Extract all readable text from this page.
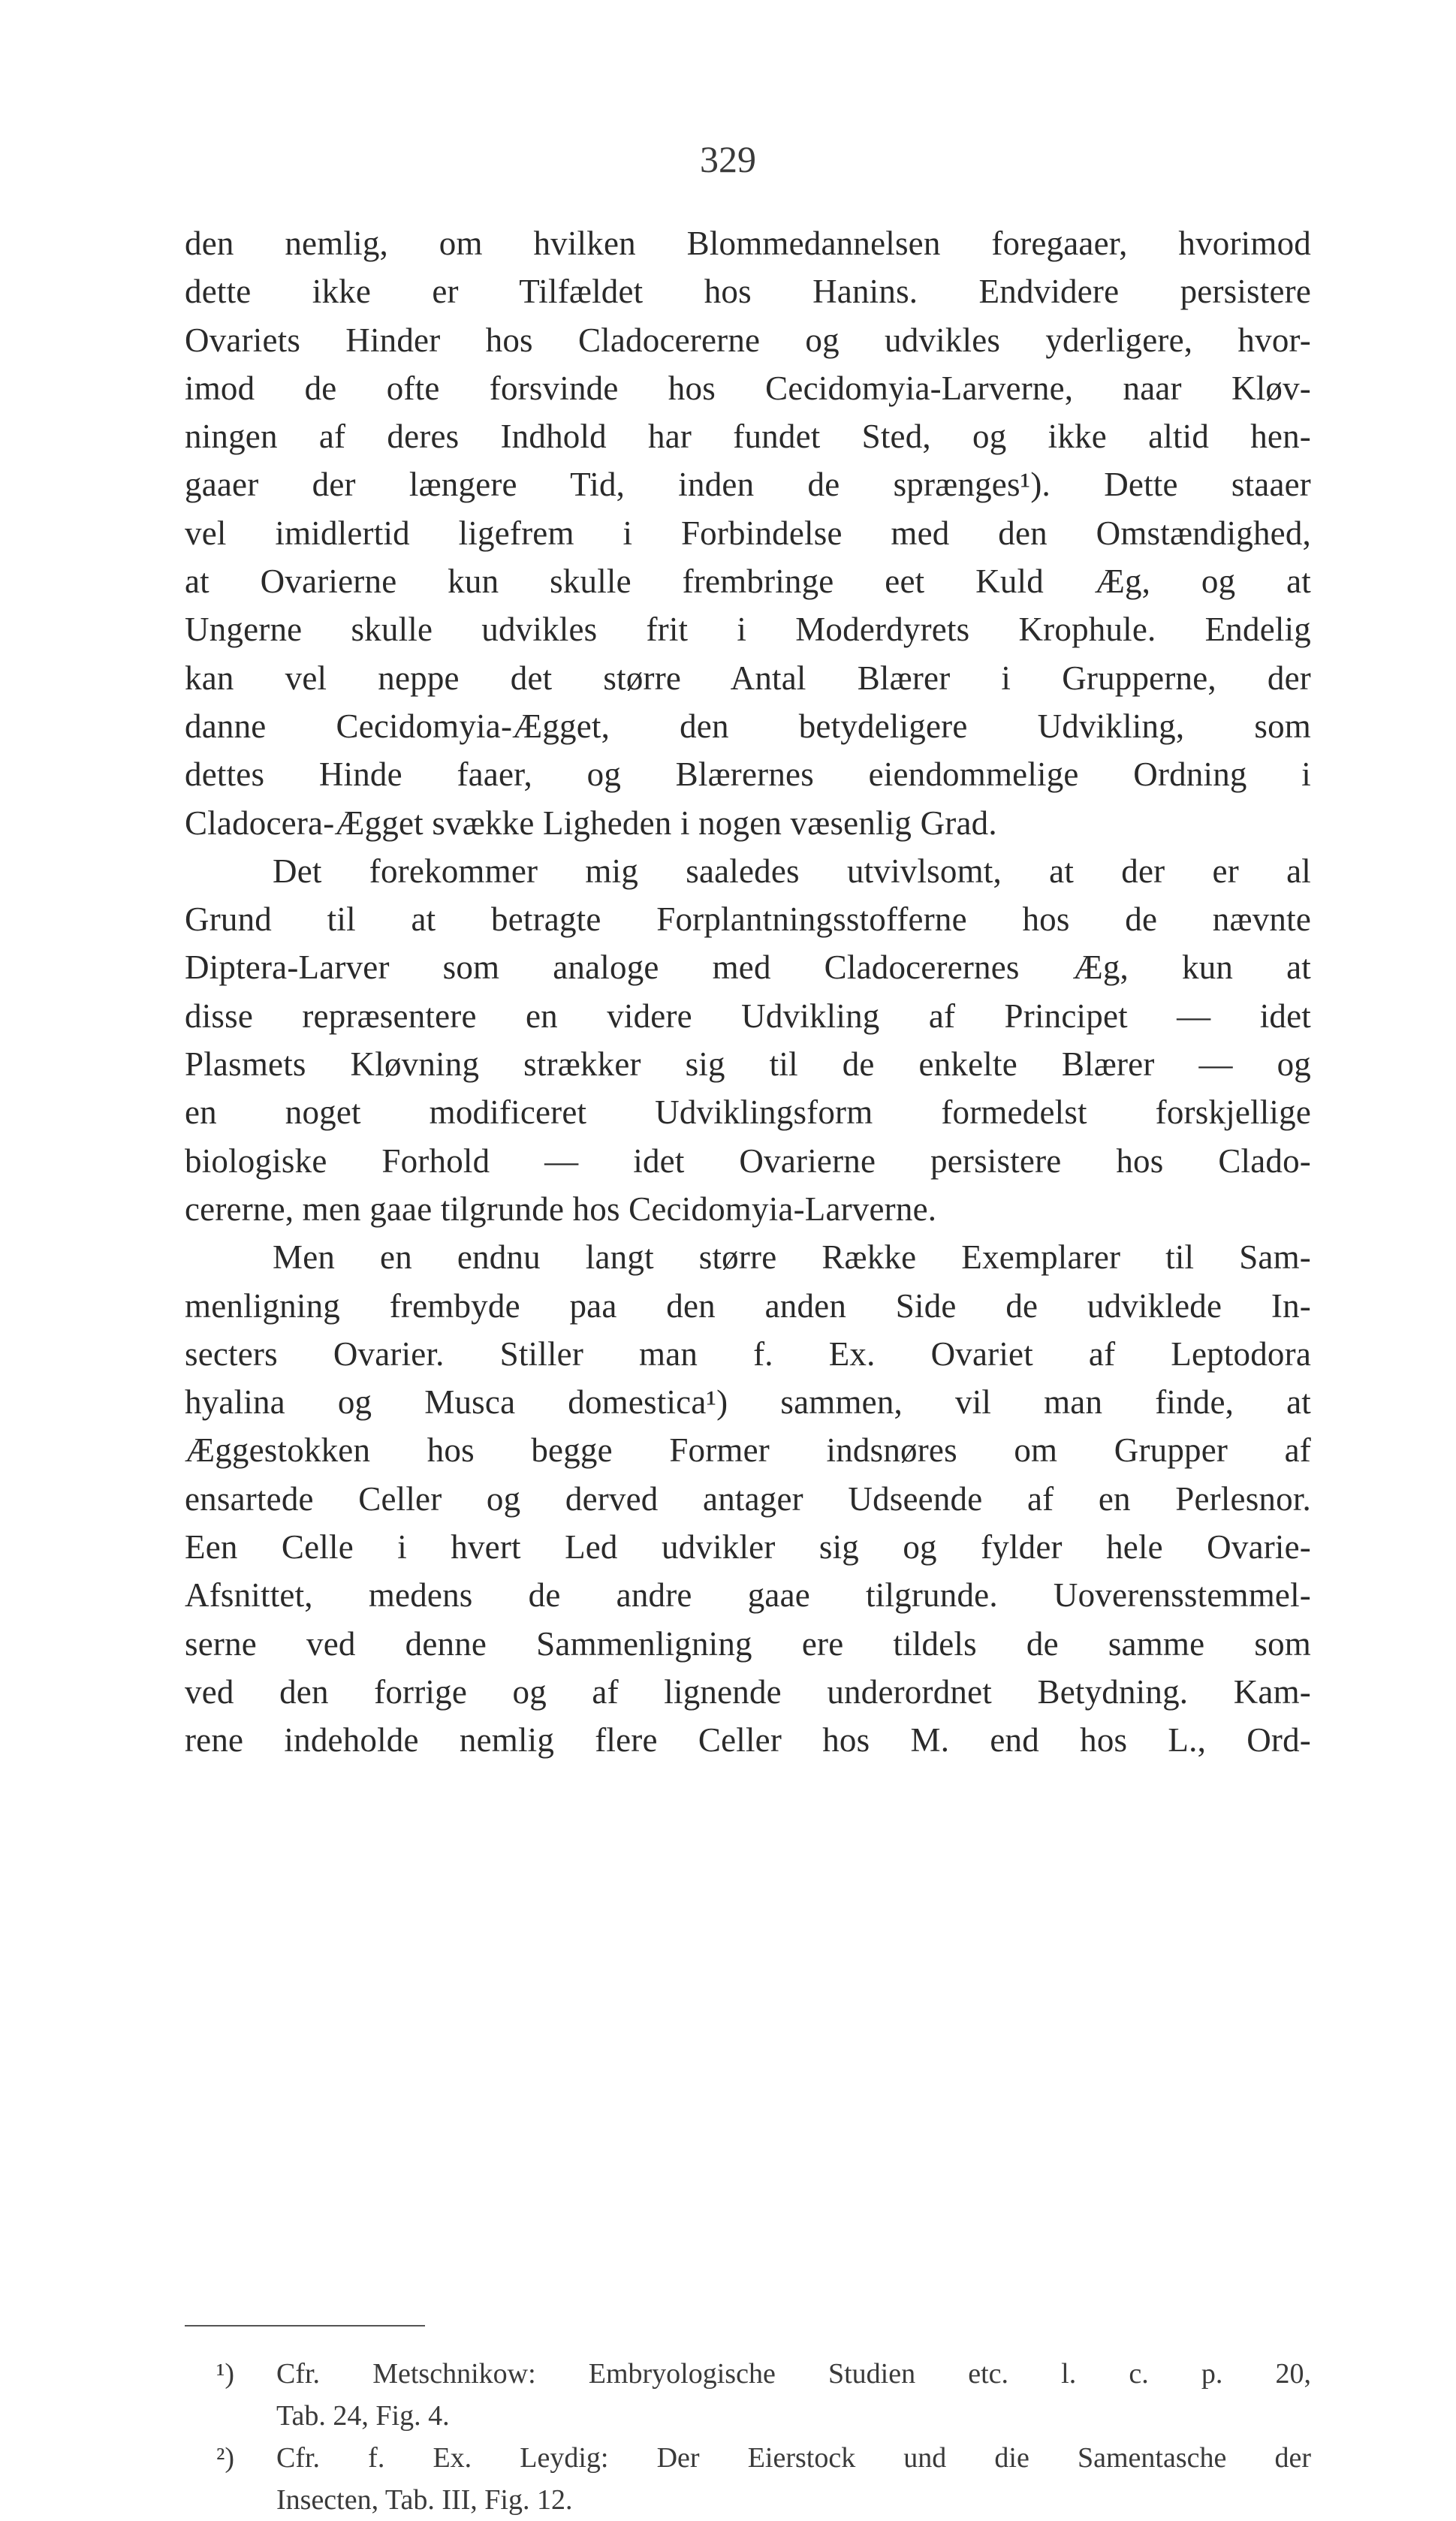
329
den nemlig, om hvilken Blommedannelsen foregaaer, hvorimod
dette ikke er Tilfældet hos Hanins. Endvidere persistere
Ovariets Hinder hos Cladocererne og udvikles yderligere, hvor-
imod de ofte forsvinde hos Cecidomyia-Larverne, naar Kløv-
ningen af deres Indhold har fundet Sted, og ikke altid hen-
gaaer der længere Tid, inden de sprænges¹). Dette staaer
vel imidlertid ligefrem i Forbindelse med den Omstændighed,
at Ovarierne kun skulle frembringe eet Kuld Æg, og at
Ungerne skulle udvikles frit i Moderdyrets Krophule. Endelig
kan vel neppe det større Antal Blærer i Grupperne, der
danne Cecidomyia-Ægget, den betydeligere Udvikling, som
dettes Hinde faaer, og Blærernes eiendommelige Ordning i
Cladocera-Ægget svække Ligheden i nogen væsenlig Grad.
Det forekommer mig saaledes utvivlsomt, at der er al
Grund til at betragte Forplantningsstofferne hos de nævnte
Diptera-Larver som analoge med Cladocerernes Æg, kun at
disse repræsentere en videre Udvikling af Principet — idet
Plasmets Kløvning strækker sig til de enkelte Blærer — og
en noget modificeret Udviklingsform formedelst forskjellige
biologiske Forhold — idet Ovarierne persistere hos Clado-
cererne, men gaae tilgrunde hos Cecidomyia-Larverne.
Men en endnu langt større Række Exemplarer til Sam-
menligning frembyde paa den anden Side de udviklede In-
secters Ovarier. Stiller man f. Ex. Ovariet af Leptodora
hyalina og Musca domestica¹) sammen, vil man finde, at
Æggestokken hos begge Former indsnøres om Grupper af
ensartede Celler og derved antager Udseende af en Perlesnor.
Een Celle i hvert Led udvikler sig og fylder hele Ovarie-
Afsnittet, medens de andre gaae tilgrunde. Uoverensstemmel-
serne ved denne Sammenligning ere tildels de samme som
ved den forrige og af lignende underordnet Betydning. Kam-
rene indeholde nemlig flere Celler hos M. end hos L., Ord-
¹) Cfr. Metschnikow: Embryologische Studien etc. l. c. p. 20,
Tab. 24, Fig. 4.
²) Cfr. f. Ex. Leydig: Der Eierstock und die Samentasche der
Insecten, Tab. III, Fig. 12.
